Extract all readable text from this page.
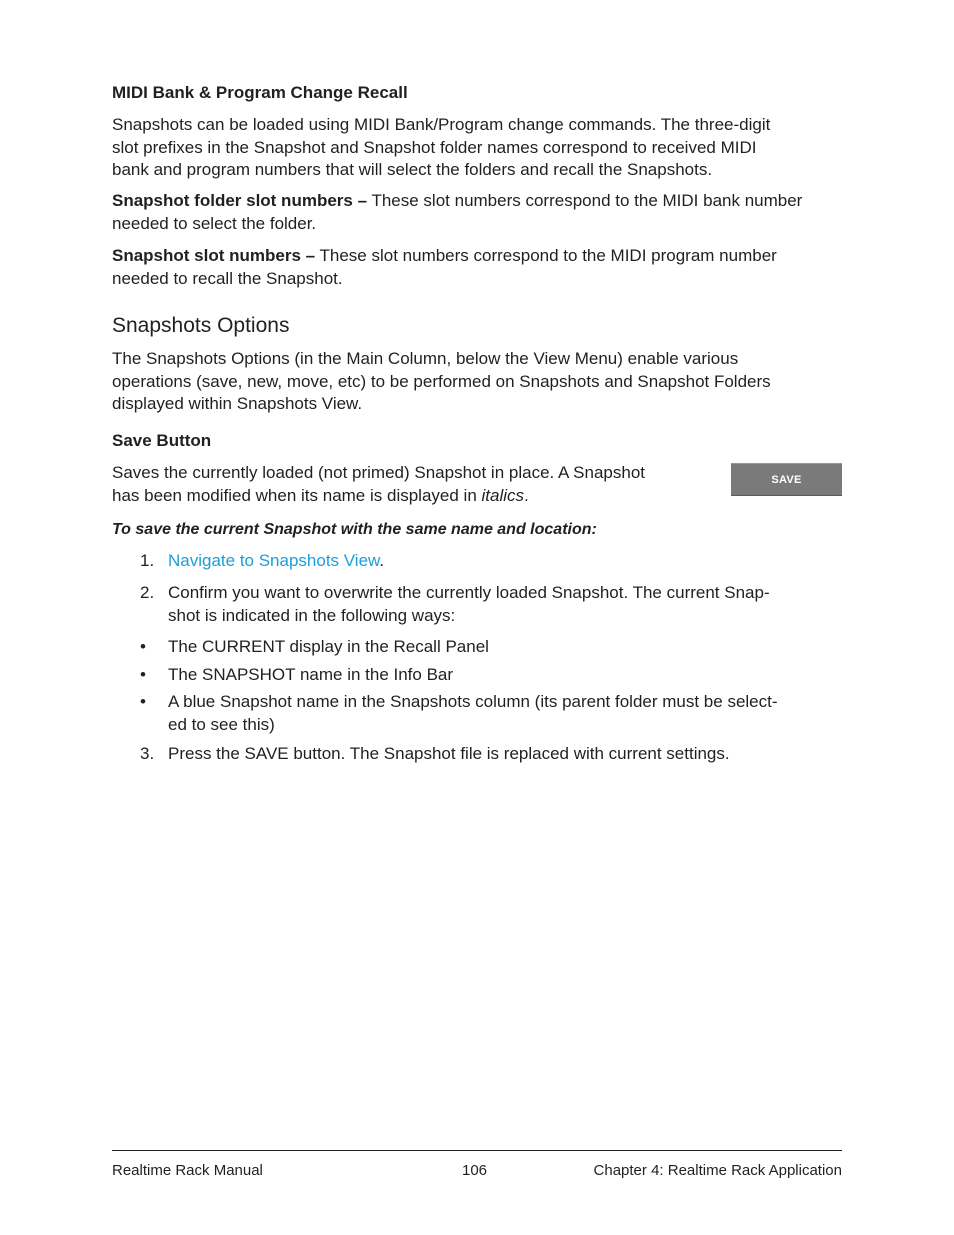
MIDI Bank & Program Change Recall
Snapshots can be loaded using MIDI Bank/Program change commands. The three-digit
slot prefixes in the Snapshot and Snapshot folder names correspond to received MIDI
bank and program numbers that will select the folders and recall the Snapshots.
Snapshot folder slot numbers – These slot numbers correspond to the MIDI bank number
needed to select the folder.
Snapshot slot numbers – These slot numbers correspond to the MIDI program number
needed to recall the Snapshot.
Snapshots Options
The Snapshots Options (in the Main Column, below the View Menu) enable various
operations (save, new, move, etc) to be performed on Snapshots and Snapshot Folders
displayed within Snapshots View.
Save Button
Saves the currently loaded (not primed) Snapshot in place. A Snapshot
has been modified when its name is displayed in italics.
SAVE
To save the current Snapshot with the same name and location:
1. Navigate to Snapshots View.
2. Confirm you want to overwrite the currently loaded Snapshot. The current Snap-
shot is indicated in the following ways:
• The CURRENT display in the Recall Panel
• The SNAPSHOT name in the Info Bar
• A blue Snapshot name in the Snapshots column (its parent folder must be select-
ed to see this)
3. Press the SAVE button. The Snapshot file is replaced with current settings.
Realtime Rack Manual	106	Chapter 4: Realtime Rack Application
